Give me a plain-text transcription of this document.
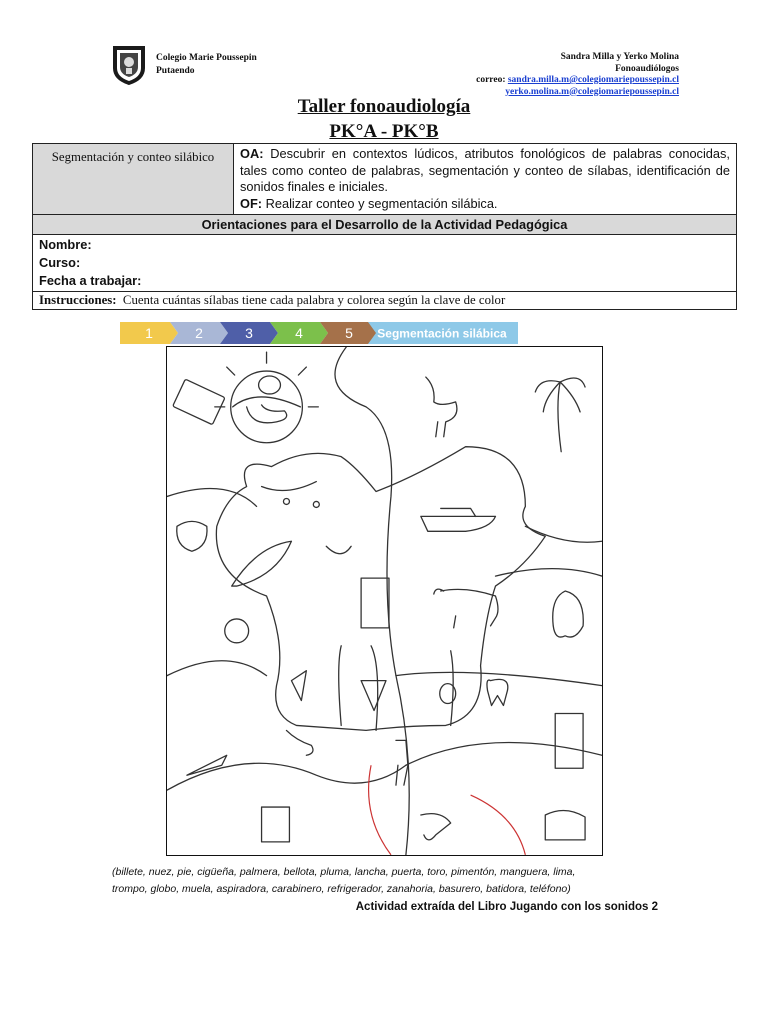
Colegio Marie Poussepin
Putaendo
Sandra Milla y Yerko Molina
Fonoaudiólogos
correo: sandra.milla.m@colegiomariepoussepin.cl
yerko.molina.m@colegiomariepoussepin.cl
Taller fonoaudiología
PK°A - PK°B
Segmentación y conteo silábico	OA: Descubrir en contextos lúdicos, atributos fonológicos de palabras conocidas, tales como conteo de palabras, segmentación y conteo de sílabas, identificación de sonidos finales e iniciales.
OF: Realizar conteo y segmentación silábica.
Orientaciones para el Desarrollo de la Actividad Pedagógica

Nombre:
Curso:
Fecha a trabajar:

Instrucciones: Cuenta cuántas sílabas tiene cada palabra y colorea según la clave de color
1	2	3	4	5 Segmentación silábica
(billete, nuez, pie, cigüeña, palmera, bellota, pluma, lancha, puerta, toro, pimentón, manguera, lima,
trompo, globo, muela, aspiradora, carabinero, refrigerador, zanahoria, basurero, batidora, teléfono)
Actividad extraída del Libro Jugando con los sonidos 2
